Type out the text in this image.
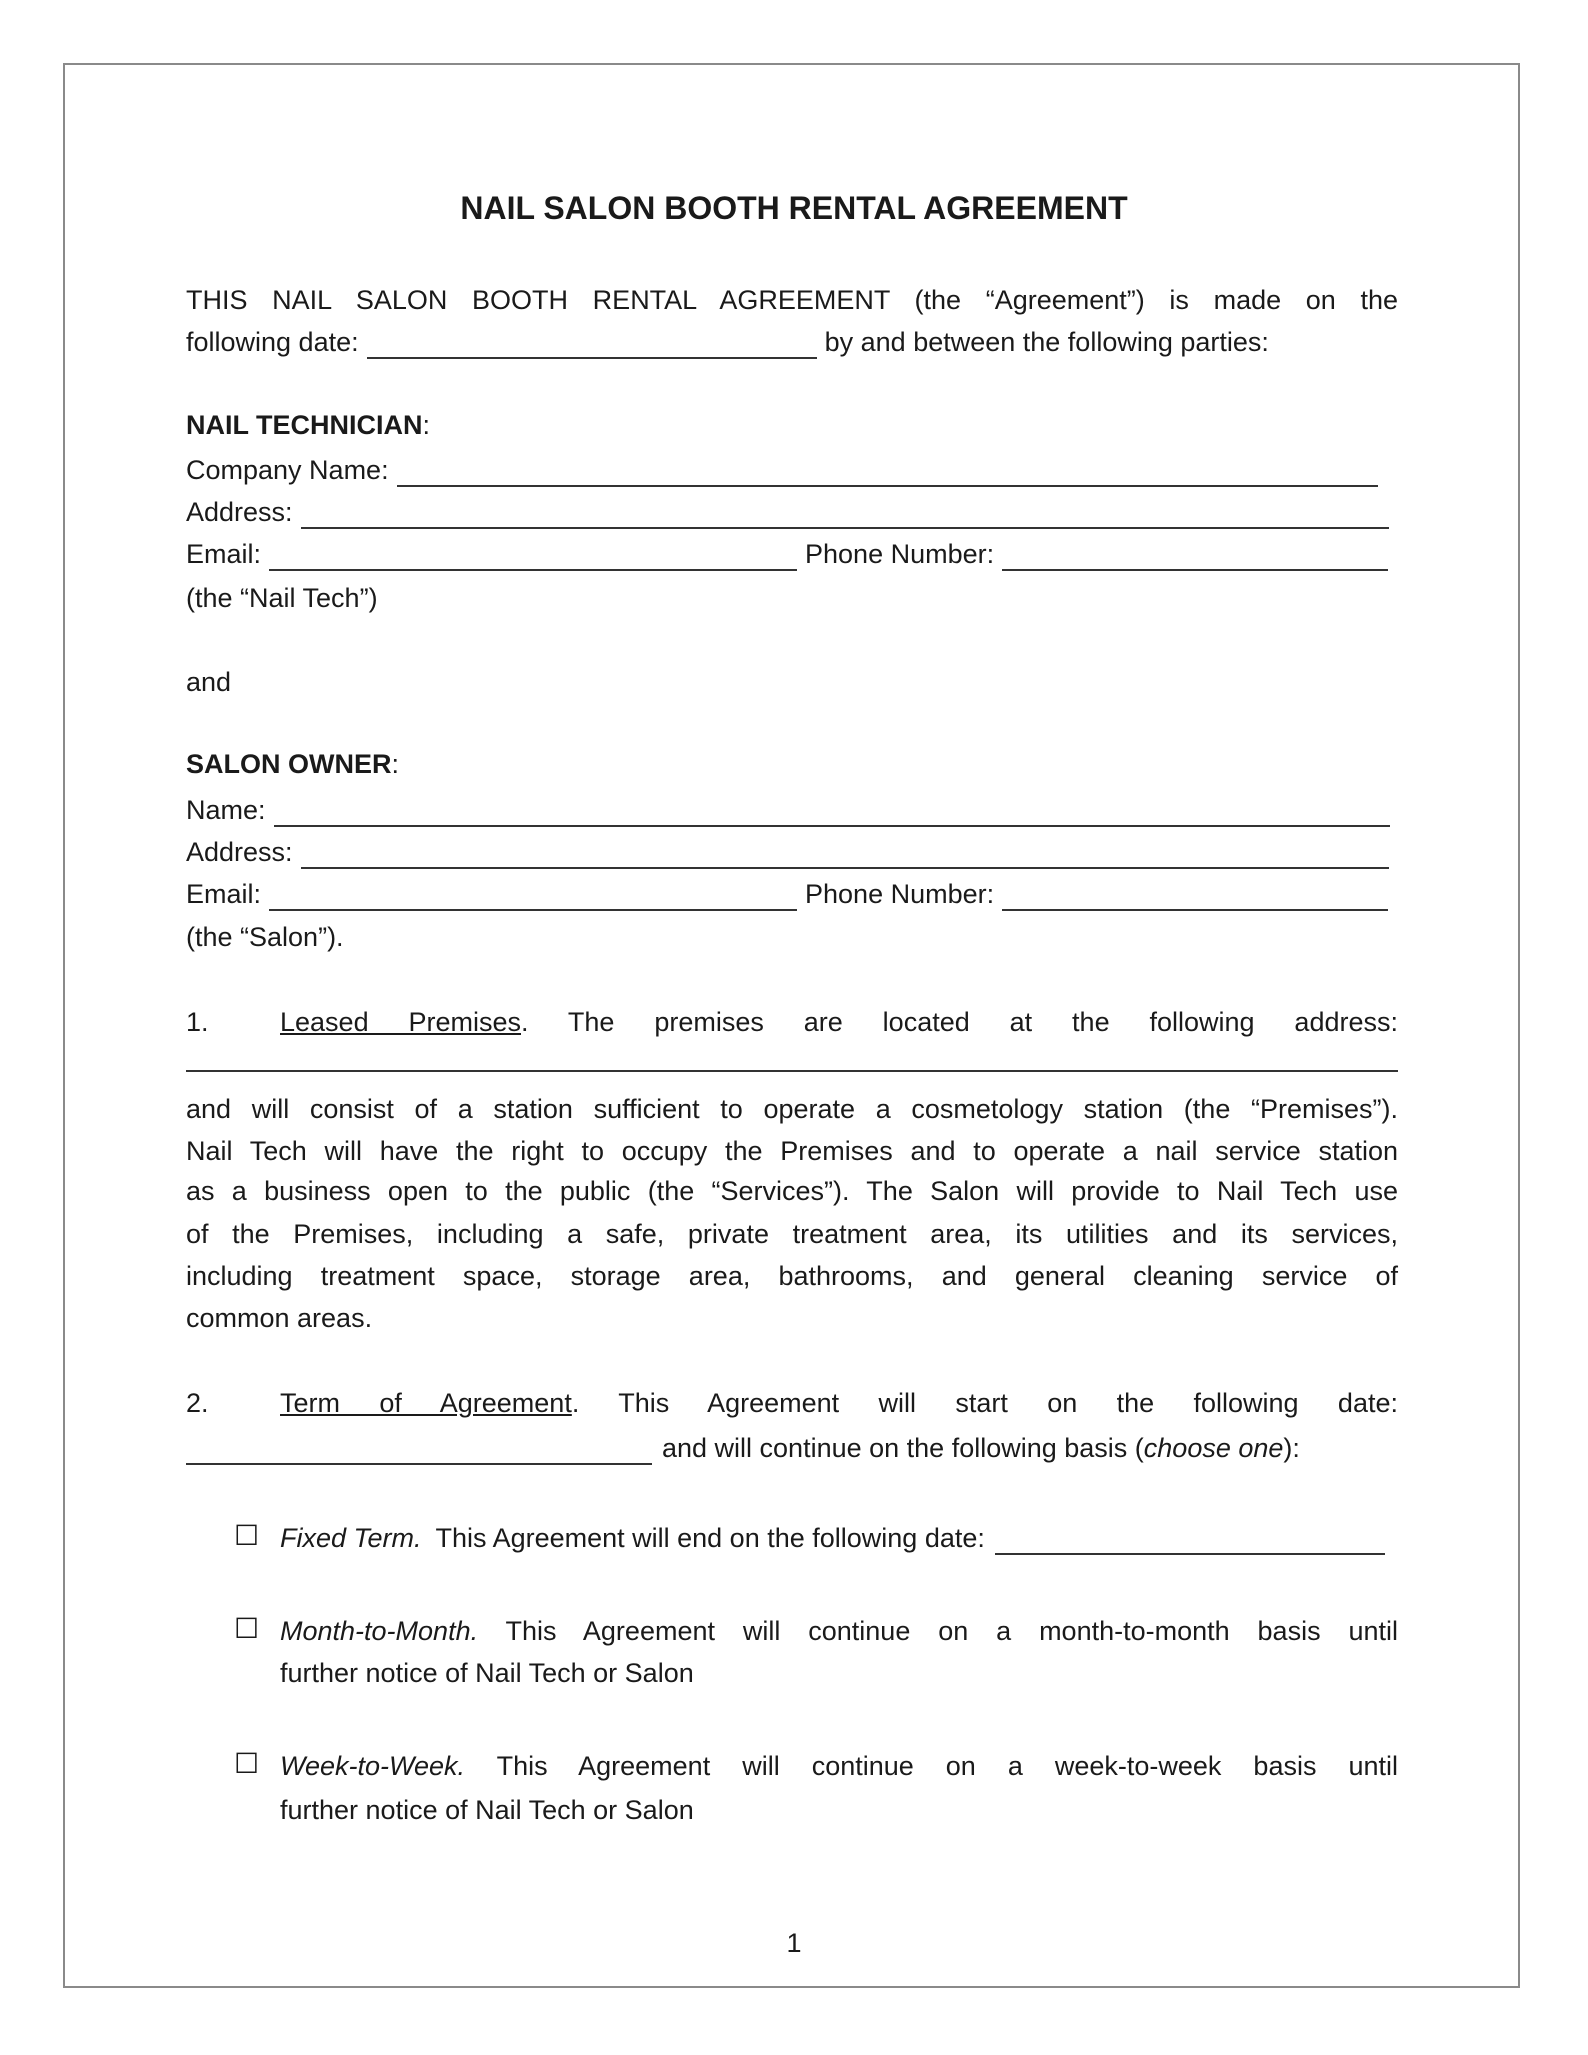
NAIL SALON BOOTH RENTAL AGREEMENT
THIS NAIL SALON BOOTH RENTAL AGREEMENT (the “Agreement”) is made on the
following date:	by and between the following parties:
NAIL TECHNICIAN:
Company Name:
Address:
Email:	Phone Number:
(the “Nail Tech”)
and
SALON OWNER:
Name:
Address:
Email:	Phone Number:
(the “Salon”).
1.	Leased Premises. The premises are located at the following address:
and will consist of a station sufficient to operate a cosmetology station (the “Premises”).
Nail Tech will have the right to occupy the Premises and to operate a nail service station
as a business open to the public (the “Services”). The Salon will provide to Nail Tech use
of the Premises, including a safe, private treatment area, its utilities and its services,
including treatment space, storage area, bathrooms, and general cleaning service of
common areas.
2.	Term of Agreement. This Agreement will start on the following date:
and will continue on the following basis ( choose one ):
☐ Fixed Term. This Agreement will end on the following date:
☐ Month-to-Month. This Agreement will continue on a month-to-month basis until
further notice of Nail Tech or Salon
☐ Week-to-Week. This Agreement will continue on a week-to-week basis until
further notice of Nail Tech or Salon
1
